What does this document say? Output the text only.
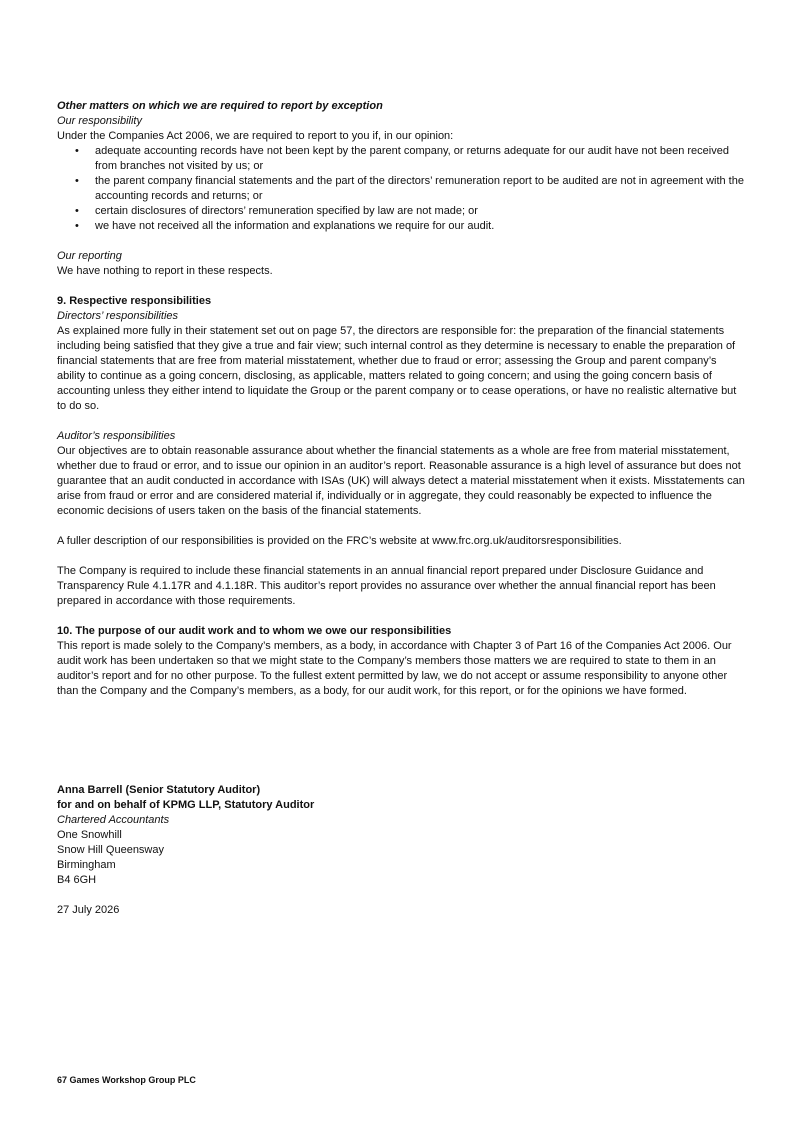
Other matters on which we are required to report by exception

Our responsibility

Under the Companies Act 2006, we are required to report to you if, in our opinion:

• adequate accounting records have not been kept by the parent company, or returns adequate for our audit have not been received from branches not visited by us; or
• the parent company financial statements and the part of the directors’ remuneration report to be audited are not in agreement with the accounting records and returns; or
• certain disclosures of directors’ remuneration specified by law are not made; or
• we have not received all the information and explanations we require for our audit.

Our reporting

We have nothing to report in these respects.

9. Respective responsibilities

Directors’ responsibilities

As explained more fully in their statement set out on page 57, the directors are responsible for: the preparation of the financial statements including being satisfied that they give a true and fair view; such internal control as they determine is necessary to enable the preparation of financial statements that are free from material misstatement, whether due to fraud or error; assessing the Group and parent company’s ability to continue as a going concern, disclosing, as applicable, matters related to going concern; and using the going concern basis of accounting unless they either intend to liquidate the Group or the parent company or to cease operations, or have no realistic alternative but to do so.

Auditor’s responsibilities

Our objectives are to obtain reasonable assurance about whether the financial statements as a whole are free from material misstatement, whether due to fraud or error, and to issue our opinion in an auditor’s report. Reasonable assurance is a high level of assurance but does not guarantee that an audit conducted in accordance with ISAs (UK) will always detect a material misstatement when it exists. Misstatements can arise from fraud or error and are considered material if, individually or in aggregate, they could reasonably be expected to influence the economic decisions of users taken on the basis of the financial statements.

A fuller description of our responsibilities is provided on the FRC’s website at www.frc.org.uk/auditorsresponsibilities.

The Company is required to include these financial statements in an annual financial report prepared under Disclosure Guidance and Transparency Rule 4.1.17R and 4.1.18R. This auditor’s report provides no assurance over whether the annual financial report has been prepared in accordance with those requirements.

10. The purpose of our audit work and to whom we owe our responsibilities

This report is made solely to the Company’s members, as a body, in accordance with Chapter 3 of Part 16 of the Companies Act 2006. Our audit work has been undertaken so that we might state to the Company’s members those matters we are required to state to them in an auditor’s report and for no other purpose. To the fullest extent permitted by law, we do not accept or assume responsibility to anyone other than the Company and the Company’s members, as a body, for our audit work, for this report, or for the opinions we have formed.

Anna Barrell (Senior Statutory Auditor)

for and on behalf of KPMG LLP, Statutory Auditor

Chartered Accountants

One Snowhill

Snow Hill Queensway

Birmingham

B4 6GH

27 July 2026

67 Games Workshop Group PLC
